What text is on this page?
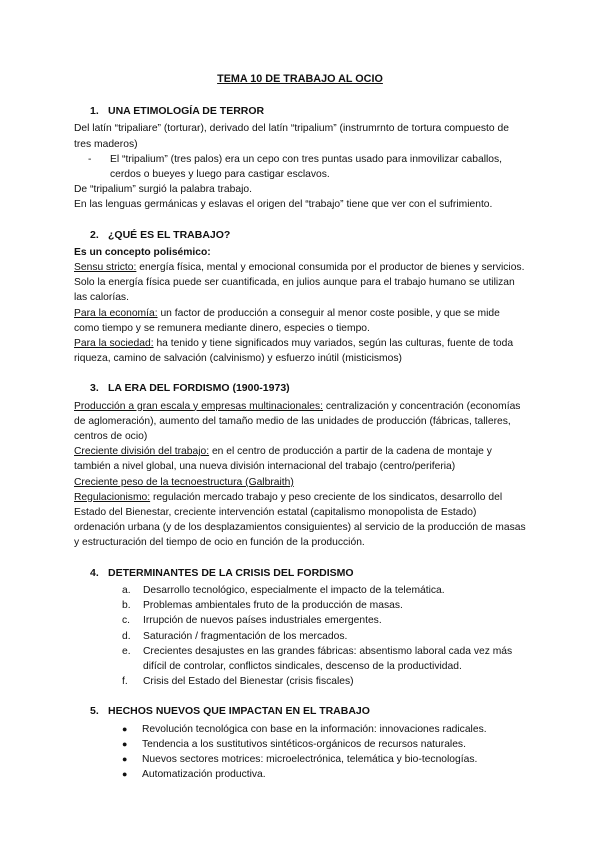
TEMA 10 DE TRABAJO AL OCIO
1. UNA ETIMOLOGÍA DE TERROR

Del latín “tripaliare” (torturar), derivado del latín “tripalium” (instrumrnto de tortura compuesto de tres maderos)

-	El “tripalium” (tres palos) era un cepo con tres puntas usado para inmovilizar caballos, cerdos o bueyes y luego para castigar esclavos.

De “tripalium” surgió la palabra trabajo.

En las lenguas germánicas y eslavas el origen del “trabajo” tiene que ver con el sufrimiento.

2. ¿QUÉ ES EL TRABAJO?

Es un concepto polisémico:

Sensu stricto: energía física, mental y emocional consumida por el productor de bienes y servicios. Solo la energía física puede ser cuantificada, en julios aunque para el trabajo humano se utilizan las calorías.

Para la economía: un factor de producción a conseguir al menor coste posible, y que se mide como tiempo y se remunera mediante dinero, especies o tiempo.

Para la sociedad: ha tenido y tiene significados muy variados, según las culturas, fuente de toda riqueza, camino de salvación (calvinismo) y esfuerzo inútil (misticismos)

3. LA ERA DEL FORDISMO (1900-1973)

Producción a gran escala y empresas multinacionales: centralización y concentración (economías de aglomeración), aumento del tamaño medio de las unidades de producción (fábricas, talleres, centros de ocio)

Creciente división del trabajo: en el centro de producción a partir de la cadena de montaje y también a nivel global, una nueva división internacional del trabajo (centro/periferia)

Creciente peso de la tecnoestructura (Galbraith)

Regulacionismo: regulación mercado trabajo y peso creciente de los sindicatos, desarrollo del Estado del Bienestar, creciente intervención estatal (capitalismo monopolista de Estado) ordenación urbana (y de los desplazamientos consiguientes) al servicio de la producción de masas y estructuración del tiempo de ocio en función de la producción.

4. DETERMINANTES DE LA CRISIS DEL FORDISMO
a.	Desarrollo tecnológico, especialmente el impacto de la telemática.
b.	Problemas ambientales fruto de la producción de masas.
c.	Irrupción de nuevos países industriales emergentes.
d.	Saturación / fragmentación de los mercados.
e.	Crecientes desajustes en las grandes fábricas: absentismo laboral cada vez más difícil de controlar, conflictos sindicales, descenso de la productividad.
f.	Crisis del Estado del Bienestar (crisis fiscales)
5. HECHOS NUEVOS QUE IMPACTAN EN EL TRABAJO
●	Revolución tecnológica con base en la información: innovaciones radicales.
●	Tendencia a los sustitutivos sintéticos-orgánicos de recursos naturales.
●	Nuevos sectores motrices: microelectrónica, telemática y bio-tecnologías.
●	Automatización productiva.
